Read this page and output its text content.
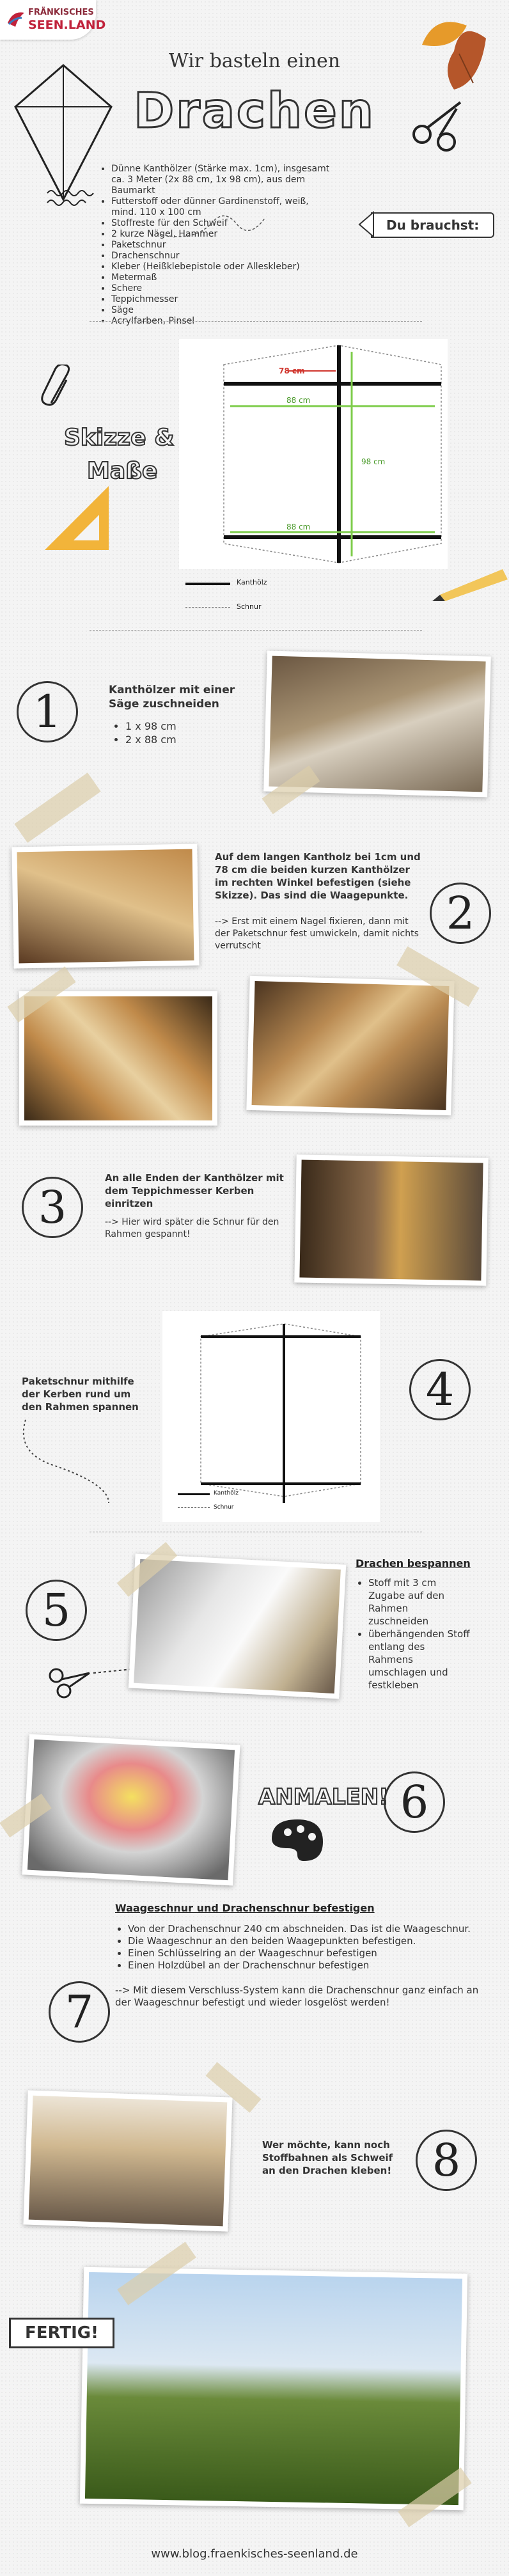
FRÄNKISCHES
SEEN.LAND
Wir basteln einen
Drachen
• Dünne Kanthölzer (Stärke max. 1cm), insgesamt ca. 3 Meter (2x 88 cm, 1x 98 cm), aus dem Baumarkt
• Futterstoff oder dünner Gardinenstoff, weiß, mind. 110 x 100 cm
• Stoffreste für den Schweif
• 2 kurze Nägel, Hammer
• Paketschnur
• Drachenschnur
• Kleber (Heißklebepistole oder Alleskleber)
• Metermaß
• Schere
• Teppichmesser
• Säge
• Acrylfarben, Pinsel
Du brauchst:
Skizze &
Maße
78 cm
88 cm
98 cm
88 cm
Kanthölz
Schnur
1	Kanthölzer mit einer Säge zuschneiden
• 1 x 98 cm
• 2 x 88 cm
Auf dem langen Kantholz bei 1cm und 78 cm die beiden kurzen Kanthölzer im rechten Winkel befestigen (siehe Skizze). Das sind die Waagepunkte.
--> Erst mit einem Nagel fixieren, dann mit der Paketschnur fest umwickeln, damit nichts verrutscht
2
3
An alle Enden der Kanthölzer mit dem Teppichmesser Kerben einritzen
--> Hier wird später die Schnur für den Rahmen gespannt!
Paketschnur mithilfe der Kerben rund um den Rahmen spannen
Kanthölz
Schnur
4
5
Drachen bespannen
• Stoff mit 3 cm Zugabe auf den Rahmen zuschneiden
• überhängenden Stoff entlang des Rahmens umschlagen und festkleben
ANMALEN! 6
Waageschnur und Drachenschnur befestigen
• Von der Drachenschnur 240 cm abschneiden. Das ist die Waageschnur.
• Die Waageschnur an den beiden Waagepunkten befestigen.
• Einen Schlüsselring an der Waageschnur befestigen
• Einen Holzdübel an der Drachenschnur befestigen
--> Mit diesem Verschluss-System kann die Drachenschnur ganz einfach an der Waageschnur befestigt und wieder losgelöst werden!
7
Wer möchte, kann noch Stoffbahnen als Schweif an den Drachen kleben! 8
FERTIG!
www.blog.fraenkisches-seenland.de
